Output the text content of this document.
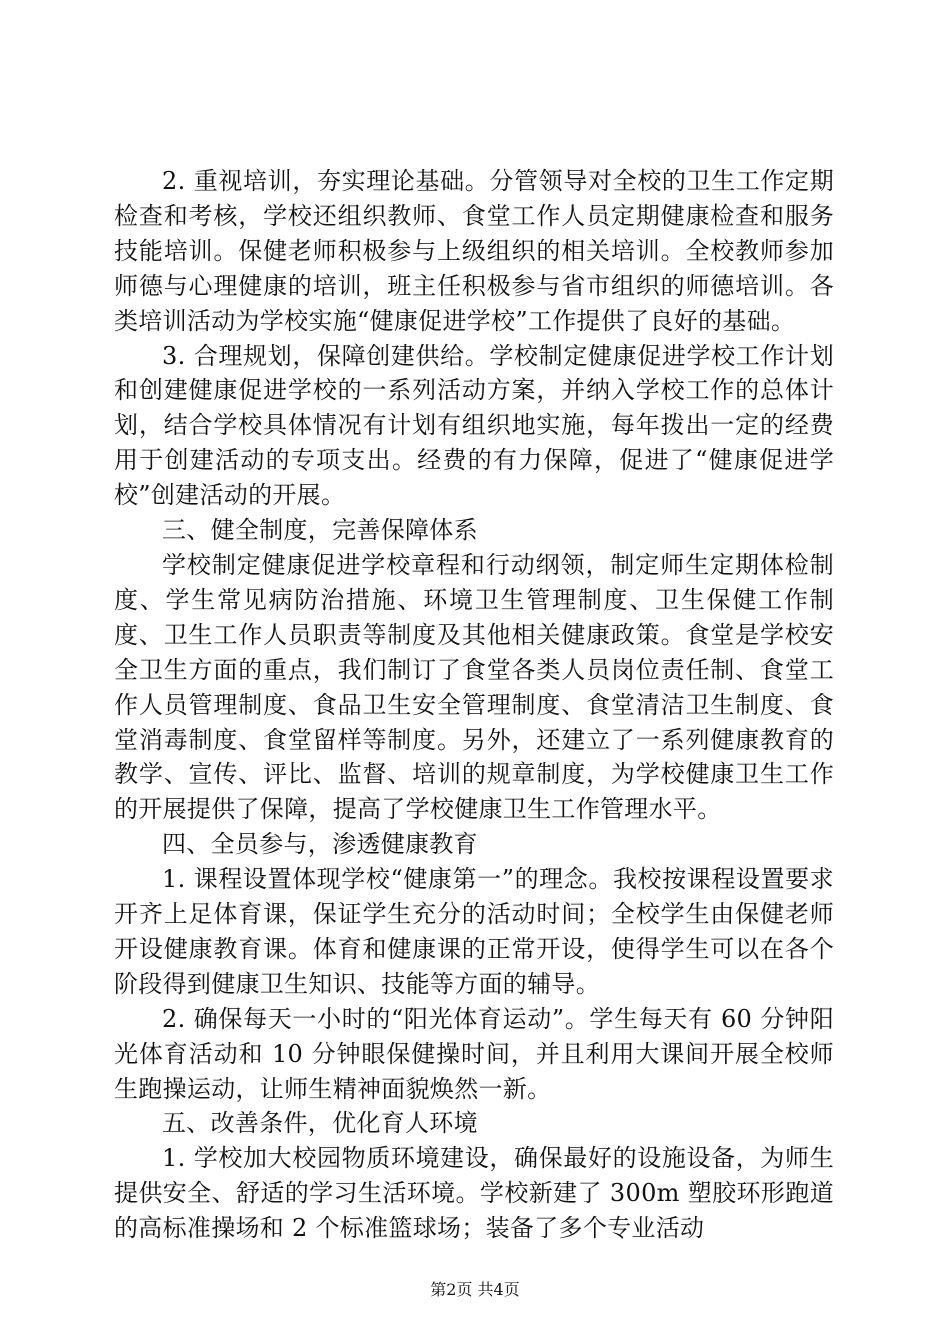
2. 重视培训，夯实理论基础。分管领导对全校的卫生工作定期检查和考核，学校还组织教师、食堂工作人员定期健康检查和服务技能培训。保健老师积极参与上级组织的相关培训。全校教师参加师德与心理健康的培训，班主任积极参与省市组织的师德培训。各类培训活动为学校实施“健康促进学校”工作提供了良好的基础。

3. 合理规划，保障创建供给。学校制定健康促进学校工作计划和创建健康促进学校的一系列活动方案，并纳入学校工作的总体计划，结合学校具体情况有计划有组织地实施，每年拨出一定的经费用于创建活动的专项支出。经费的有力保障，促进了“健康促进学校”创建活动的开展。

三、健全制度，完善保障体系

学校制定健康促进学校章程和行动纲领，制定师生定期体检制度、学生常见病防治措施、环境卫生管理制度、卫生保健工作制度、卫生工作人员职责等制度及其他相关健康政策。食堂是学校安全卫生方面的重点，我们制订了食堂各类人员岗位责任制、食堂工作人员管理制度、食品卫生安全管理制度、食堂清洁卫生制度、食堂消毒制度、食堂留样等制度。另外，还建立了一系列健康教育的教学、宣传、评比、监督、培训的规章制度，为学校健康卫生工作的开展提供了保障，提高了学校健康卫生工作管理水平。

四、全员参与，渗透健康教育

1. 课程设置体现学校“健康第一”的理念。我校按课程设置要求开齐上足体育课，保证学生充分的活动时间；全校学生由保健老师开设健康教育课。体育和健康课的正常开设，使得学生可以在各个阶段得到健康卫生知识、技能等方面的辅导。

2. 确保每天一小时的“阳光体育运动”。学生每天有 60 分钟阳光体育活动和 10 分钟眼保健操时间，并且利用大课间开展全校师生跑操运动，让师生精神面貌焕然一新。

五、改善条件，优化育人环境

1. 学校加大校园物质环境建设，确保最好的设施设备，为师生提供安全、舒适的学习生活环境。学校新建了 300m 塑胶环形跑道的高标准操场和 2 个标准篮球场；装备了多个专业活动

第2页 共4页
